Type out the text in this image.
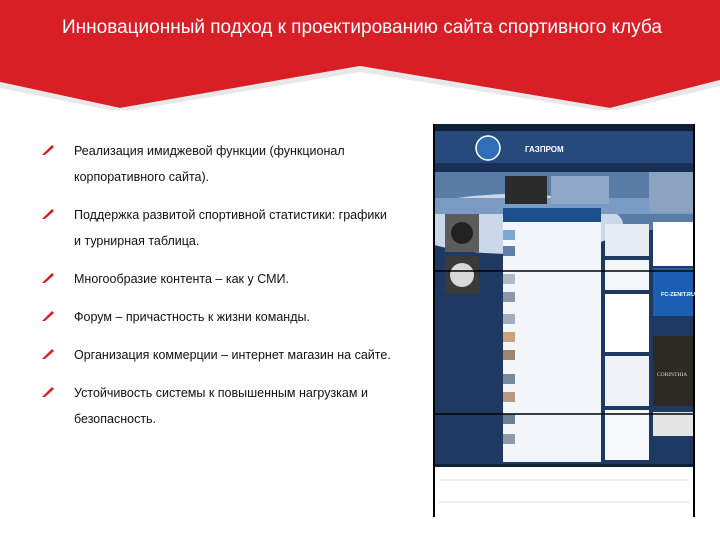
Инновационный подход к проектированию сайта спортивного клуба
Реализация имиджевой функции (функционал корпоративного сайта).
Поддержка развитой спортивной статистики: графики и турнирная таблица.
Многообразие контента – как у СМИ.
Форум – причастность к жизни команды.
Организация коммерции – интернет магазин на сайте.
Устойчивость системы к повышенным нагрузкам и безопасность.
ГАЗПРОМ
FC-ZENIT.RU
CORINTHIA
